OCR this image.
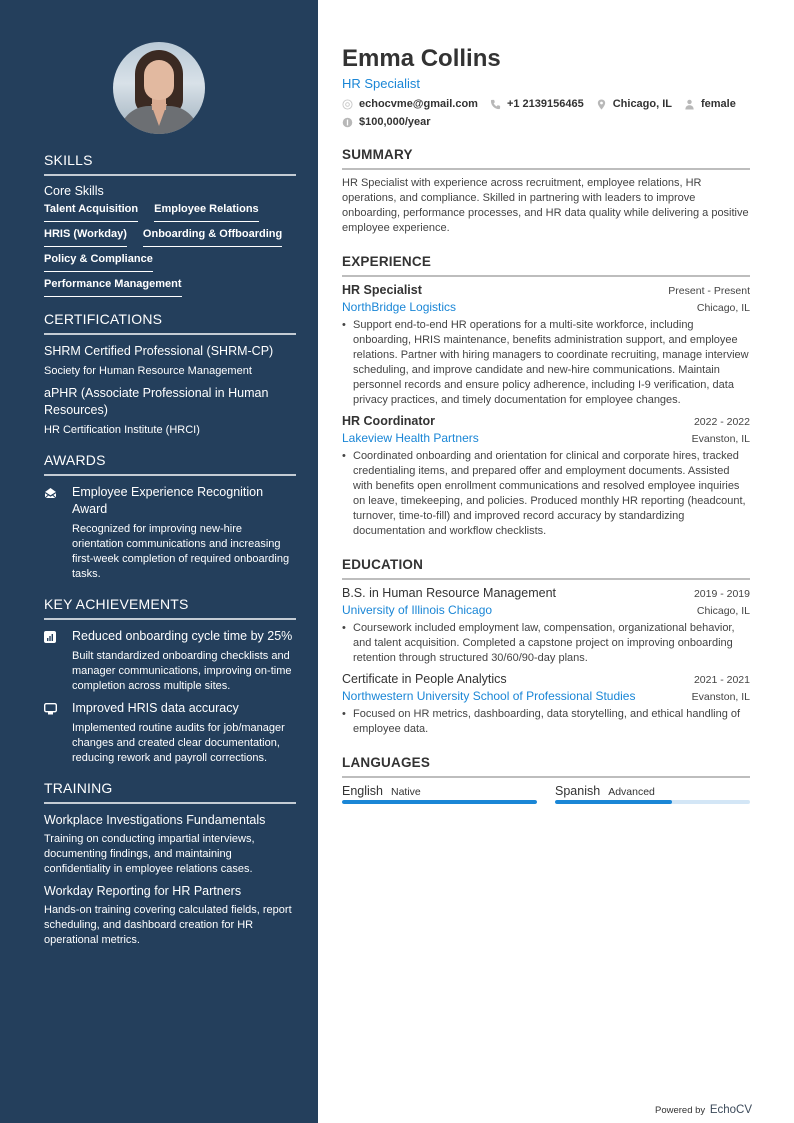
SKILLS
Core Skills
Talent Acquisition Employee Relations
HRIS (Workday) Onboarding & Offboarding
Policy & Compliance
Performance Management
CERTIFICATIONS
SHRM Certified Professional (SHRM-CP)
Society for Human Resource Management
aPHR (Associate Professional in Human Resources)
HR Certification Institute (HRCI)
AWARDS
Employee Experience Recognition Award
Recognized for improving new-hire orientation communications and increasing first-week completion of required onboarding tasks.
KEY ACHIEVEMENTS
Reduced onboarding cycle time by 25%
Built standardized onboarding checklists and manager communications, improving on-time completion across multiple sites.
Improved HRIS data accuracy
Implemented routine audits for job/manager changes and created clear documentation, reducing rework and payroll corrections.
TRAINING
Workplace Investigations Fundamentals
Training on conducting impartial interviews, documenting findings, and maintaining confidentiality in employee relations cases.
Workday Reporting for HR Partners
Hands-on training covering calculated fields, report scheduling, and dashboard creation for HR operational metrics.
Emma Collins
HR Specialist
echocvme@gmail.com	+1 2139156465	Chicago, IL	female
$100,000/year
SUMMARY

HR Specialist with experience across recruitment, employee relations, HR operations, and compliance. Skilled in partnering with leaders to improve onboarding, performance processes, and HR data quality while delivering a positive employee experience.

EXPERIENCE
HR Specialist	Present - Present
NorthBridge Logistics	Chicago, IL
• Support end-to-end HR operations for a multi-site workforce, including onboarding, HRIS maintenance, benefits administration support, and employee relations. Partner with hiring managers to coordinate recruiting, manage interview scheduling, and improve candidate and new-hire communications. Maintain personnel records and ensure policy adherence, including I-9 verification, data privacy practices, and timely documentation for employee changes.
HR Coordinator	2022 - 2022
Lakeview Health Partners	Evanston, IL
• Coordinated onboarding and orientation for clinical and corporate hires, tracked credentialing items, and prepared offer and employment documents. Assisted with benefits open enrollment communications and resolved employee inquiries on leave, timekeeping, and policies. Produced monthly HR reporting (headcount, turnover, time-to-fill) and improved record accuracy by standardizing documentation and workflow checklists.
EDUCATION
B.S. in Human Resource Management	2019 - 2019
University of Illinois Chicago	Chicago, IL
• Coursework included employment law, compensation, organizational behavior, and talent acquisition. Completed a capstone project on improving onboarding retention through structured 30/60/90-day plans.
Certificate in People Analytics	2021 - 2021
Northwestern University School of Professional Studies	Evanston, IL
• Focused on HR metrics, dashboarding, data storytelling, and ethical handling of employee data.
LANGUAGES
English Native	Spanish Advanced
Powered by EchoCV
